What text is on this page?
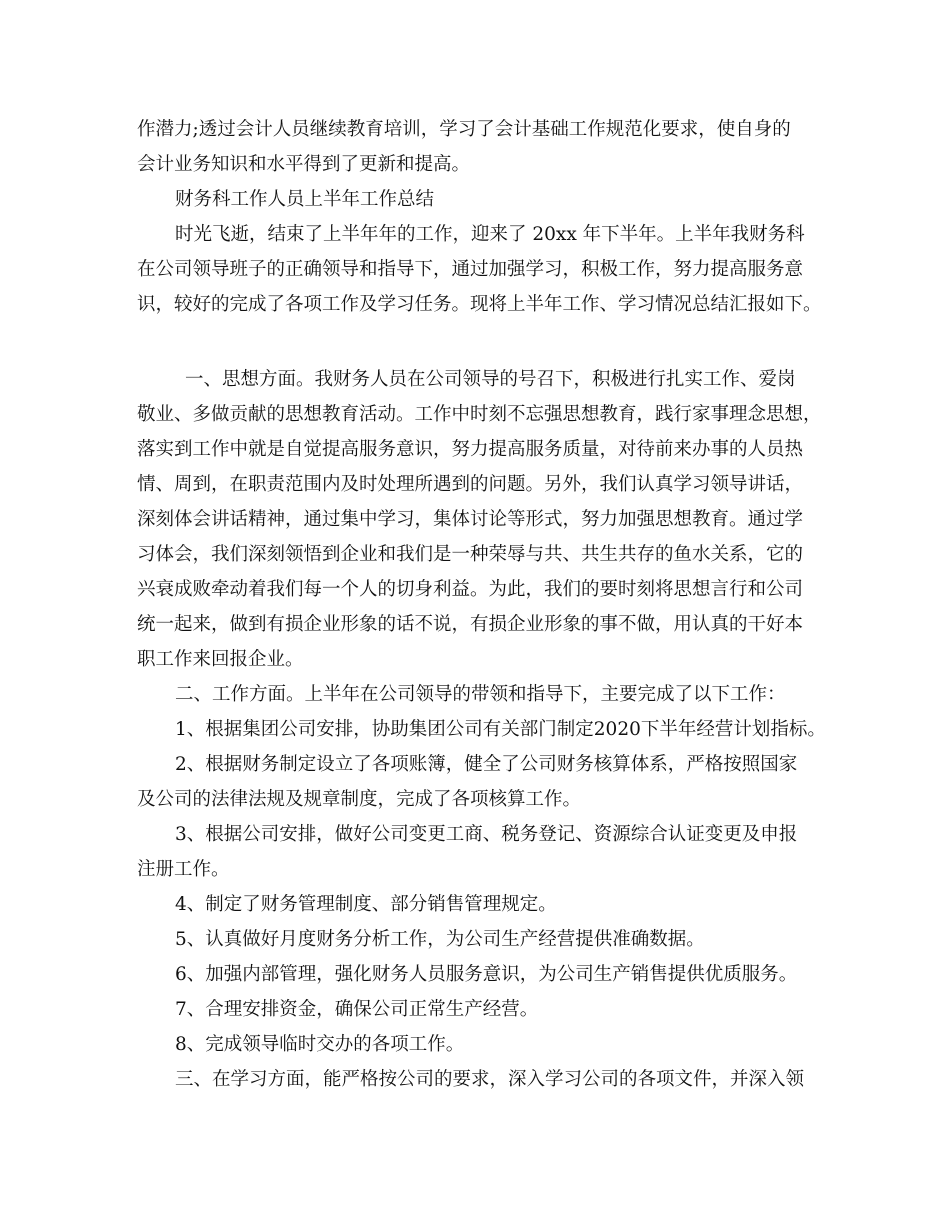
作潜力;透过会计人员继续教育培训，学习了会计基础工作规范化要求，使自身的
会计业务知识和水平得到了更新和提高。
财务科工作人员上半年工作总结
时光飞逝，结束了上半年年的工作，迎来了 20xx 年下半年。上半年我财务科
在公司领导班子的正确领导和指导下，通过加强学习，积极工作，努力提高服务意
识，较好的完成了各项工作及学习任务。现将上半年工作、学习情况总结汇报如下。
一、思想方面。我财务人员在公司领导的号召下，积极进行扎实工作、爱岗
敬业、多做贡献的思想教育活动。工作中时刻不忘强思想教育，践行家事理念思想，
落实到工作中就是自觉提高服务意识，努力提高服务质量，对待前来办事的人员热
情、周到，在职责范围内及时处理所遇到的问题。另外，我们认真学习领导讲话，
深刻体会讲话精神，通过集中学习，集体讨论等形式，努力加强思想教育。通过学
习体会，我们深刻领悟到企业和我们是一种荣辱与共、共生共存的鱼水关系，它的
兴衰成败牵动着我们每一个人的切身利益。为此，我们的要时刻将思想言行和公司
统一起来，做到有损企业形象的话不说，有损企业形象的事不做，用认真的干好本
职工作来回报企业。
二、工作方面。上半年在公司领导的带领和指导下，主要完成了以下工作：
1、根据集团公司安排，协助集团公司有关部门制定2020下半年经营计划指标。
2、根据财务制定设立了各项账簿，健全了公司财务核算体系，严格按照国家
及公司的法律法规及规章制度，完成了各项核算工作。
3、根据公司安排，做好公司变更工商、税务登记、资源综合认证变更及申报
注册工作。
4、制定了财务管理制度、部分销售管理规定。
5、认真做好月度财务分析工作，为公司生产经营提供准确数据。
6、加强内部管理，强化财务人员服务意识，为公司生产销售提供优质服务。
7、合理安排资金，确保公司正常生产经营。
8、完成领导临时交办的各项工作。
三、在学习方面，能严格按公司的要求，深入学习公司的各项文件，并深入领
